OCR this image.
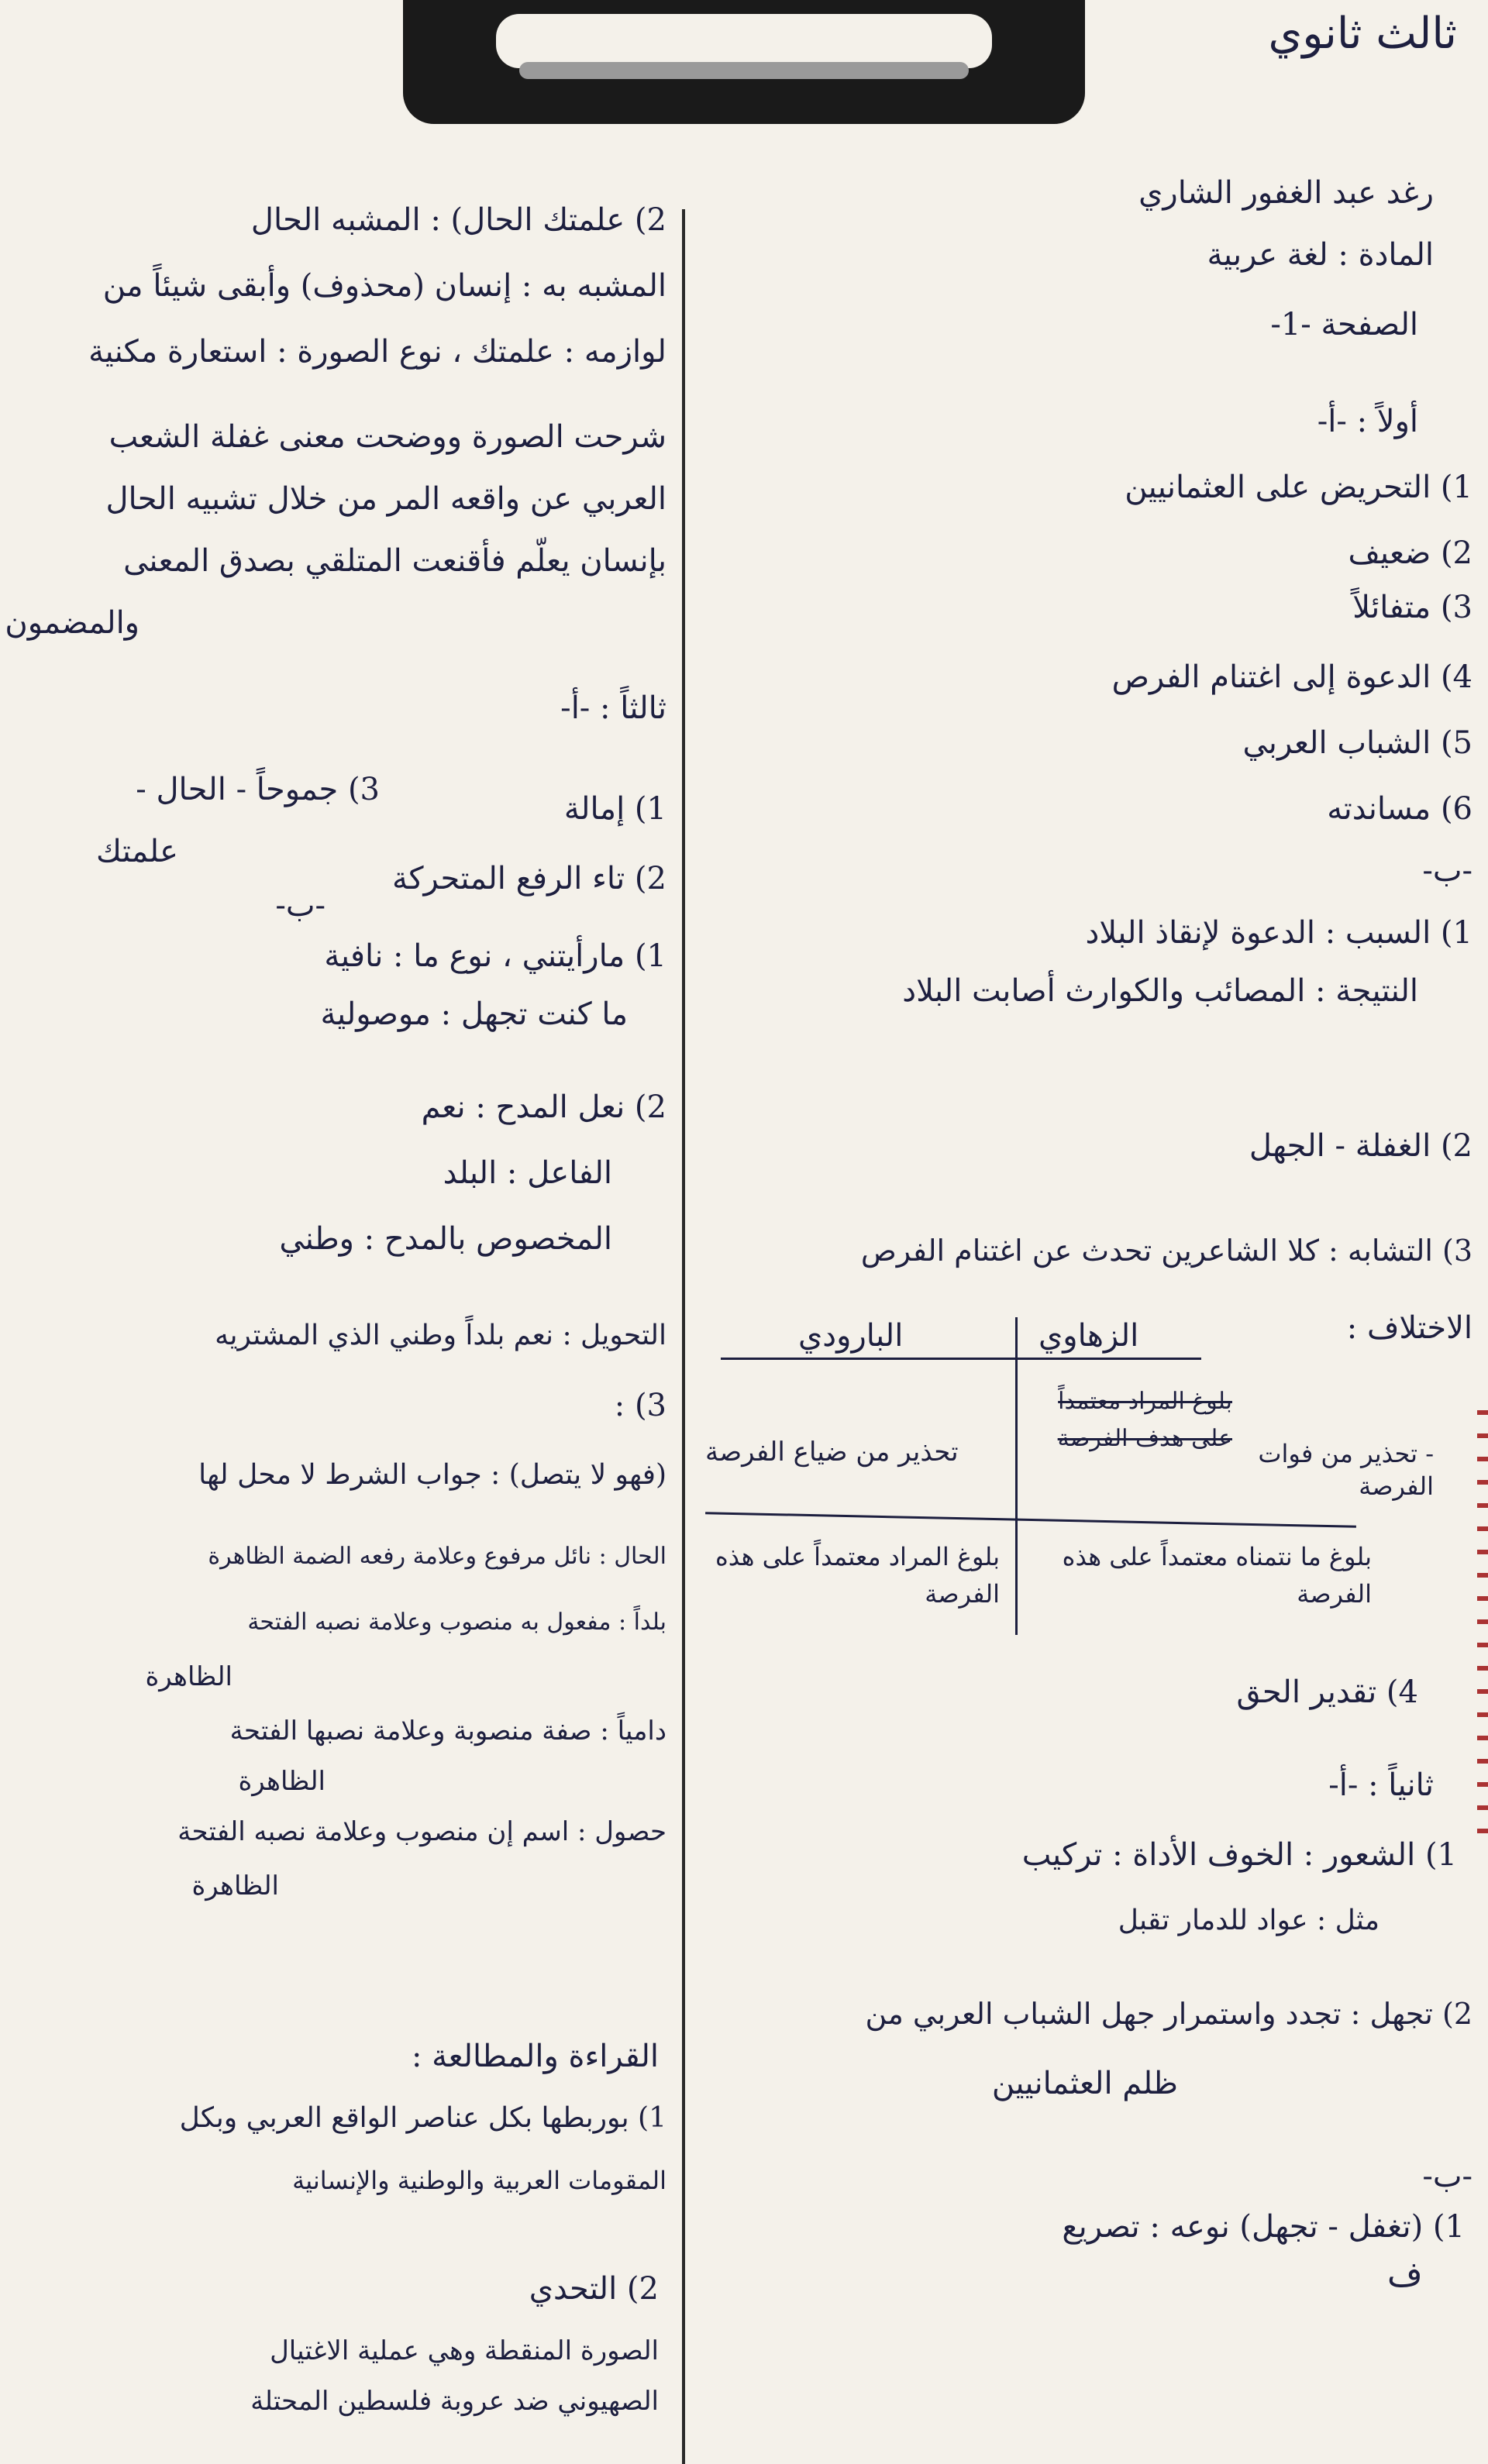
ثالث ثانوي
رغد عبد الغفور الشاري
المادة : لغة عربية
الصفحة -1-
أولاً : -أ-
1) التحريض على العثمانيين
2) ضعيف
3) متفائلاً
4) الدعوة إلى اغتنام الفرص
5) الشباب العربي
6) مساندته
-ب-
1) السبب : الدعوة لإنقاذ البلاد
النتيجة : المصائب والكوارث أصابت البلاد
2) الغفلة - الجهل
3) التشابه : كلا الشاعرين تحدث عن اغتنام الفرص
الاختلاف :
الزهاوي
البارودي
- تحذير من فوات الفرصة
بلوغ المراد معتمداً على هدف الفرصة
تحذير من ضياع الفرصة
بلوغ ما نتمناه معتمداً على هذه الفرصة
بلوغ المراد معتمداً على هذه الفرصة
4) تقدير الحق
ثانياً : -أ-
1) الشعور : الخوف الأداة : تركيب
مثل : عواد للدمار تقبل
2) تجهل : تجدد واستمرار جهل الشباب العربي من
ظلم العثمانيين
-ب-
1) (تغفل - تجهل) نوعه : تصريع
2) علمتك الحال) : المشبه الحال
المشبه به : إنسان (محذوف) وأبقى شيئاً من
لوازمه : علمتك ، نوع الصورة : استعارة مكنية
شرحت الصورة ووضحت معنى غفلة الشعب
العربي عن واقعه المر من خلال تشبيه الحال
بإنسان يعلّم فأقنعت المتلقي بصدق المعنى
والمضمون
ثالثاً : -أ-
1) إمالة
3) جموحاً - الحال -
علمتك
2) تاء الرفع المتحركة
-ب-
1) مارأيتني ، نوع ما : نافية
ما كنت تجهل : موصولية
2) نعل المدح : نعم
الفاعل : البلد
المخصوص بالمدح : وطني
التحويل : نعم بلداً وطني الذي المشتريه
3) :
(فهو لا يتصل) : جواب الشرط لا محل لها
الحال : نائل مرفوع وعلامة رفعه الضمة الظاهرة
بلداً : مفعول به منصوب وعلامة نصبه الفتحة
الظاهرة
دامياً : صفة منصوبة وعلامة نصبها الفتحة
الظاهرة
حصول : اسم إن منصوب وعلامة نصبه الفتحة
الظاهرة
القراءة والمطالعة :
1) بوربطها بكل عناصر الواقع العربي وبكل
المقومات العربية والوطنية والإنسانية
2) التحدي
الصورة المنقطة وهي عملية الاغتيال
الصهيوني ضد عروبة فلسطين المحتلة
ف
